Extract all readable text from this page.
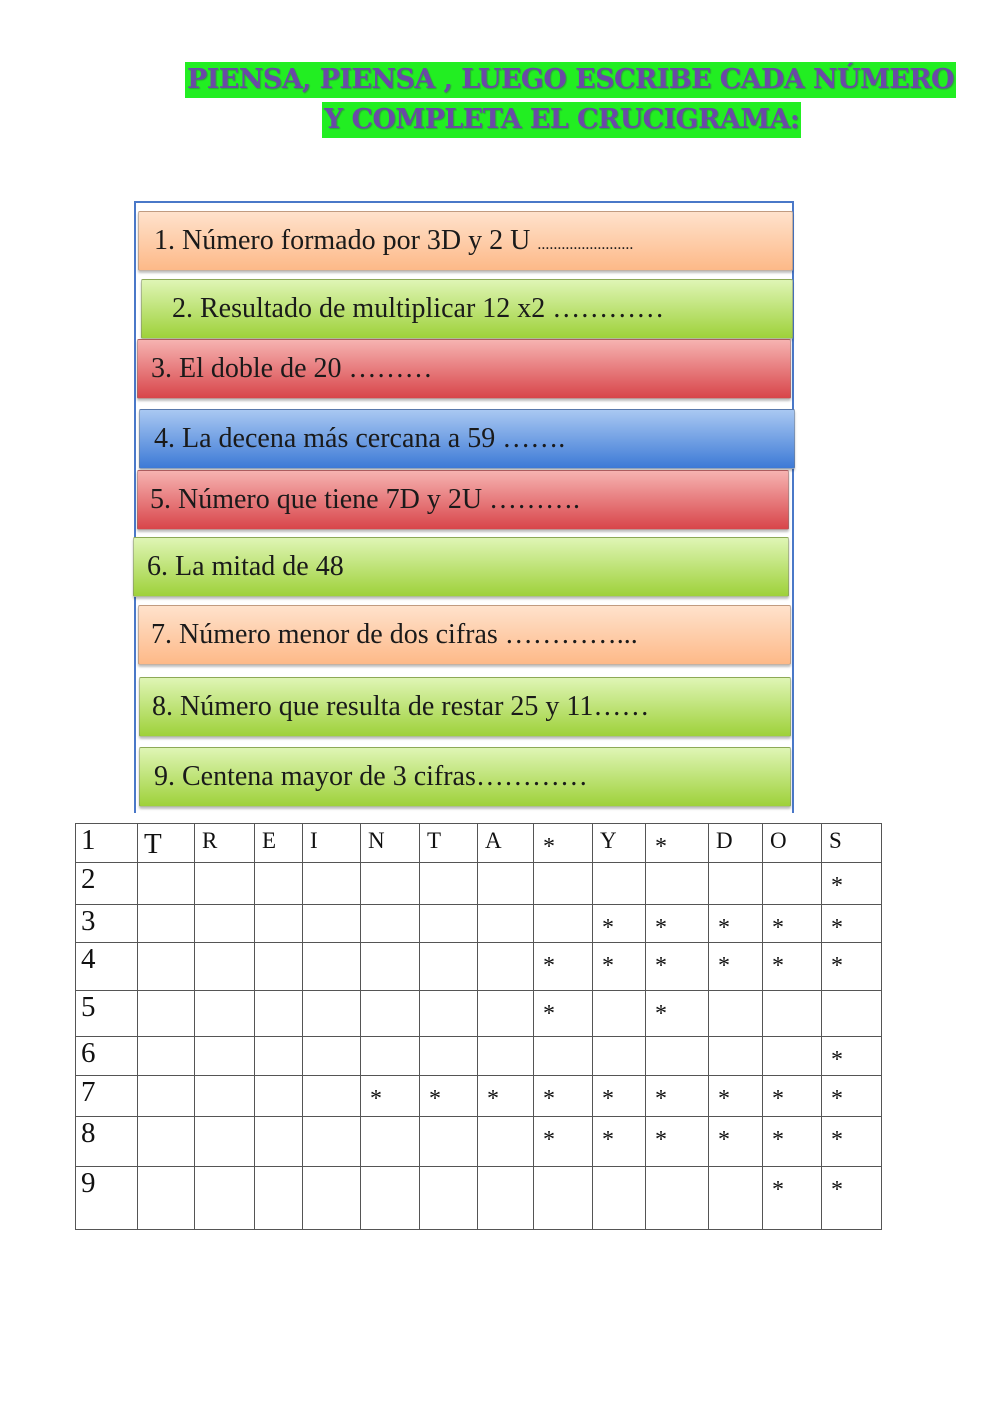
PIENSA, PIENSA , LUEGO ESCRIBE CADA NÚMERO
Y COMPLETA EL CRUCIGRAMA:
1. Número formado por 3D y 2 U ........................
2. Resultado de multiplicar 12 x2 …………
3. El doble de 20 ………
4. La decena más cercana a 59 …….
5. Número que tiene 7D y 2U ……….
6. La mitad de 48
7. Número menor de dos cifras …………...
8. Número que resulta de restar 25 y 11……
9. Centena mayor de 3 cifras…………
1	T	R	E	I	N	T	A	*	Y	*	D	O	S

2													*

3									*	*	*	*	*

4								*	*	*	*	*	*

5								*		*			

6													*

7					*	*	*	*	*	*	*	*	*

8								*	*	*	*	*	*

9												*	*
